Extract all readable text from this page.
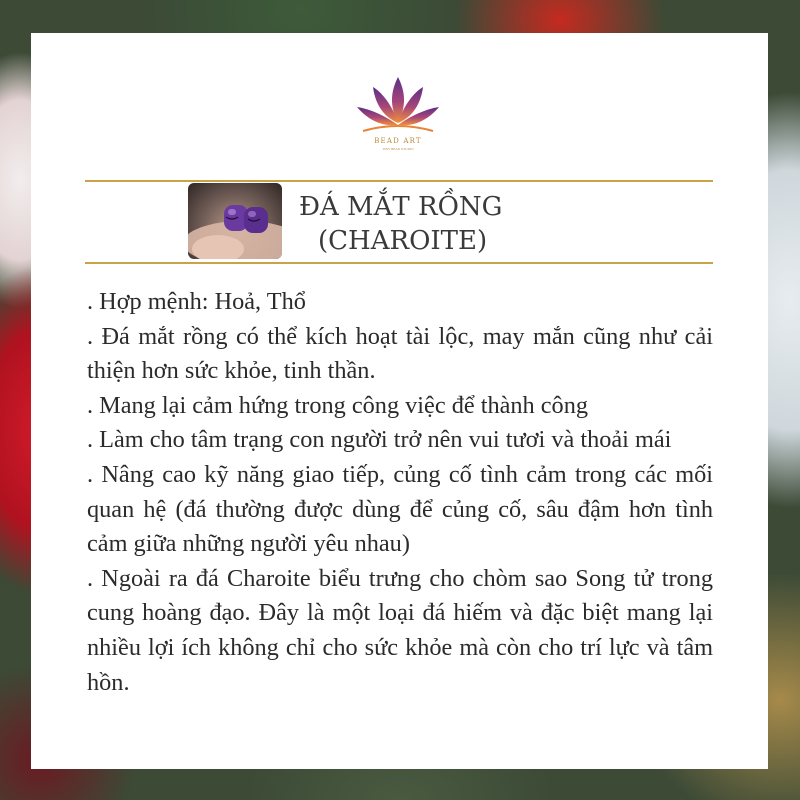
BEAD ART
TINY BEAD STUDIO
ĐÁ MẮT RỒNG
(CHAROITE)

. Hợp mệnh: Hoả, Thổ

. Đá mắt rồng có thể kích hoạt tài lộc, may mắn cũng như cải thiện hơn sức khỏe, tinh thần.

. Mang lại cảm hứng trong công việc để thành công

. Làm cho tâm trạng con người trở nên vui tươi và thoải mái

. Nâng cao kỹ năng giao tiếp, củng cố tình cảm trong các mối quan hệ (đá thường được dùng để củng cố, sâu đậm hơn tình cảm giữa những người yêu nhau)

. Ngoài ra đá Charoite biểu trưng cho chòm sao Song tử trong cung hoàng đạo. Đây là một loại đá hiếm và đặc biệt mang lại nhiều lợi ích không chỉ cho sức khỏe mà còn cho trí lực và tâm hồn.
